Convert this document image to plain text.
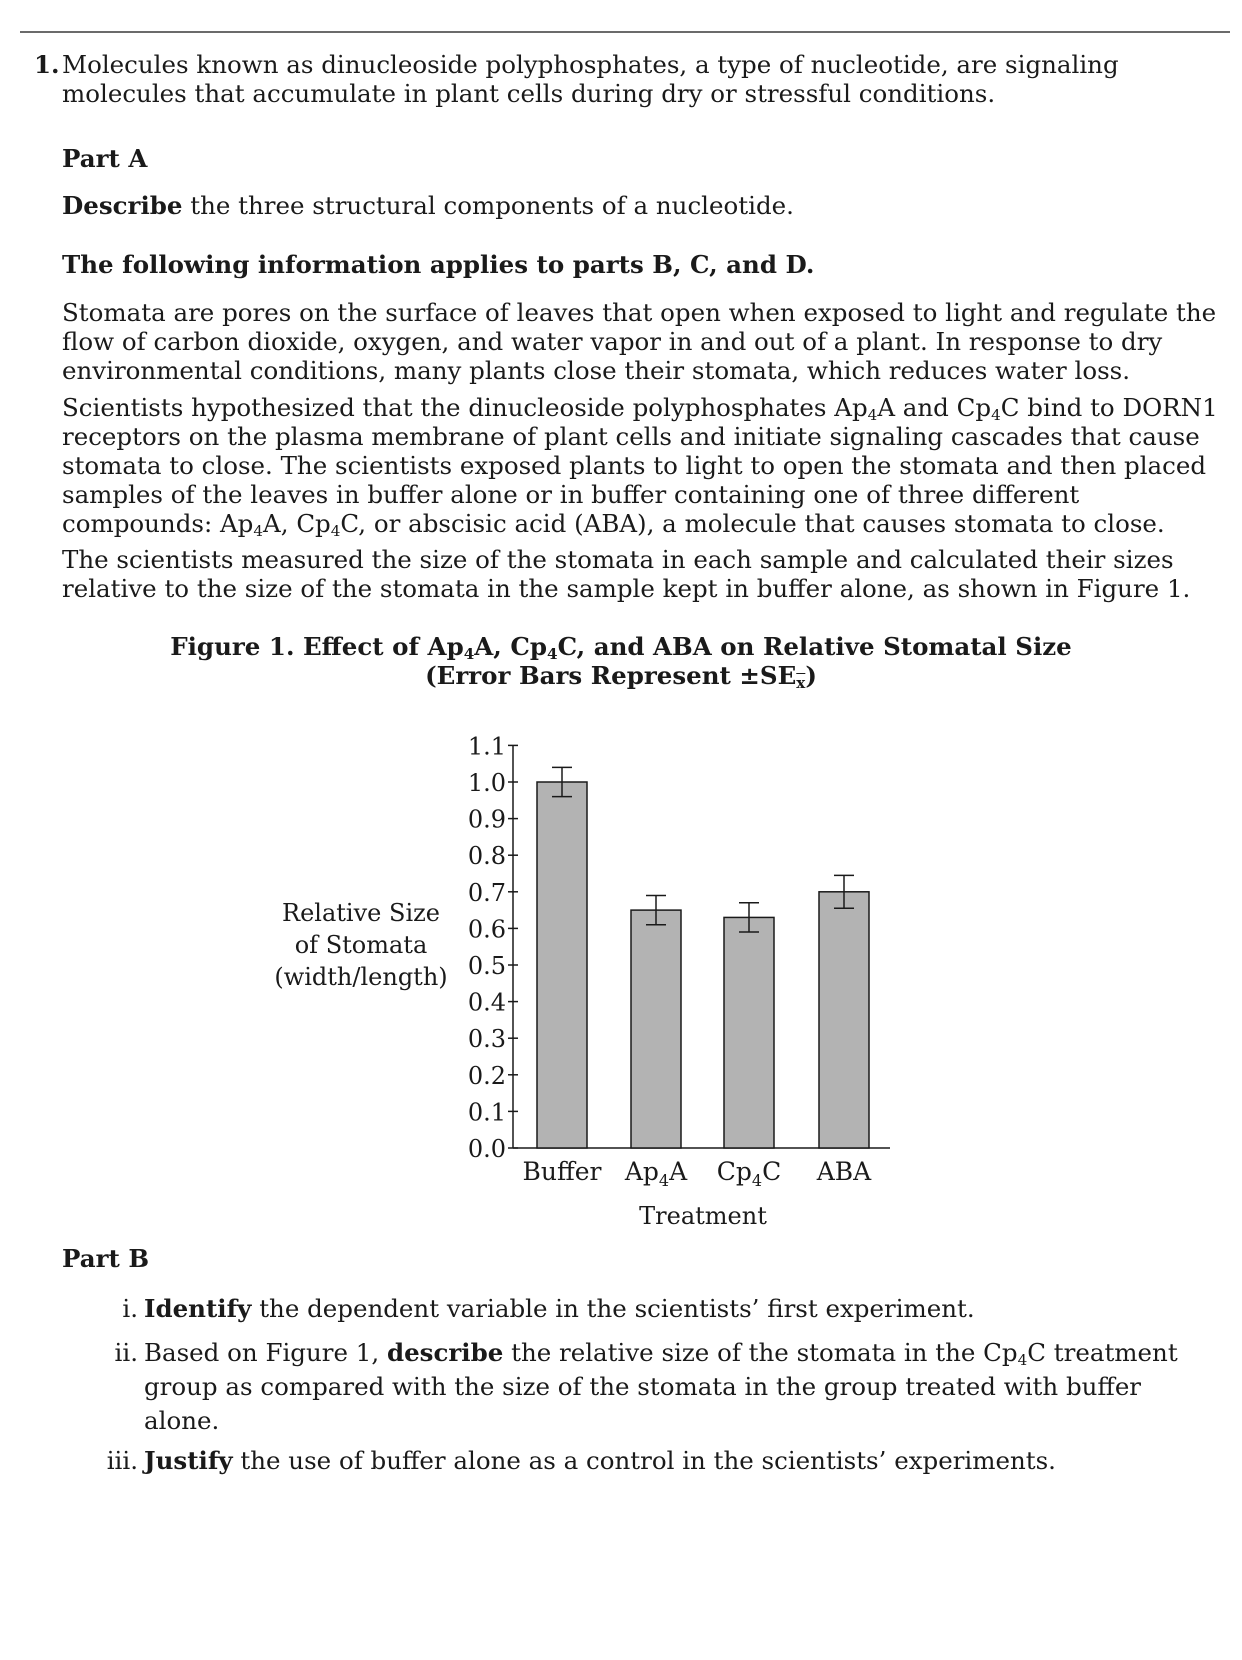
1. Molecules known as dinucleoside polyphosphates, a type of nucleotide, are signaling molecules that accumulate in plant cells during dry or stressful conditions.
Part A
Describe the three structural components of a nucleotide.
The following information applies to parts B, C, and D.
Stomata are pores on the surface of leaves that open when exposed to light and regulate the flow of carbon dioxide, oxygen, and water vapor in and out of a plant. In response to dry environmental conditions, many plants close their stomata, which reduces water loss.
Scientists hypothesized that the dinucleoside polyphosphates $Ap_4A$ and $Cp_4C$ bind to DORN1 receptors on the plasma membrane of plant cells and initiate signaling cascades that cause stomata to close. The scientists exposed plants to light to open the stomata and then placed samples of the leaves in buffer alone or in buffer containing one of three different compounds: $Ap_4A$, $Cp_4C$, or abscisic acid (ABA), a molecule that causes stomata to close.
The scientists measured the size of the stomata in each sample and calculated their sizes relative to the size of the stomata in the sample kept in buffer alone, as shown in Figure 1.
Figure 1. Effect of $Ap_4A$, $Cp_4C$, and ABA on Relative Stomatal Size
(Error Bars Represent $\pm SE_{\overline{x}}$)
0.0
0.1
0.2
0.3
0.4
0.5
0.6
0.7
0.8
0.9
1.0
1.1
Buffer $Ap_4A$ $Cp_4C$ ABA
Treatment
Relative Size
of Stomata
(width/length)
Part B
i. Identify the dependent variable in the scientists’ first experiment.
ii. Based on Figure 1, describe the relative size of the stomata in the $Cp_4C$ treatment group as compared with the size of the stomata in the group treated with buffer alone.
iii. Justify the use of buffer alone as a control in the scientists’ experiments.
